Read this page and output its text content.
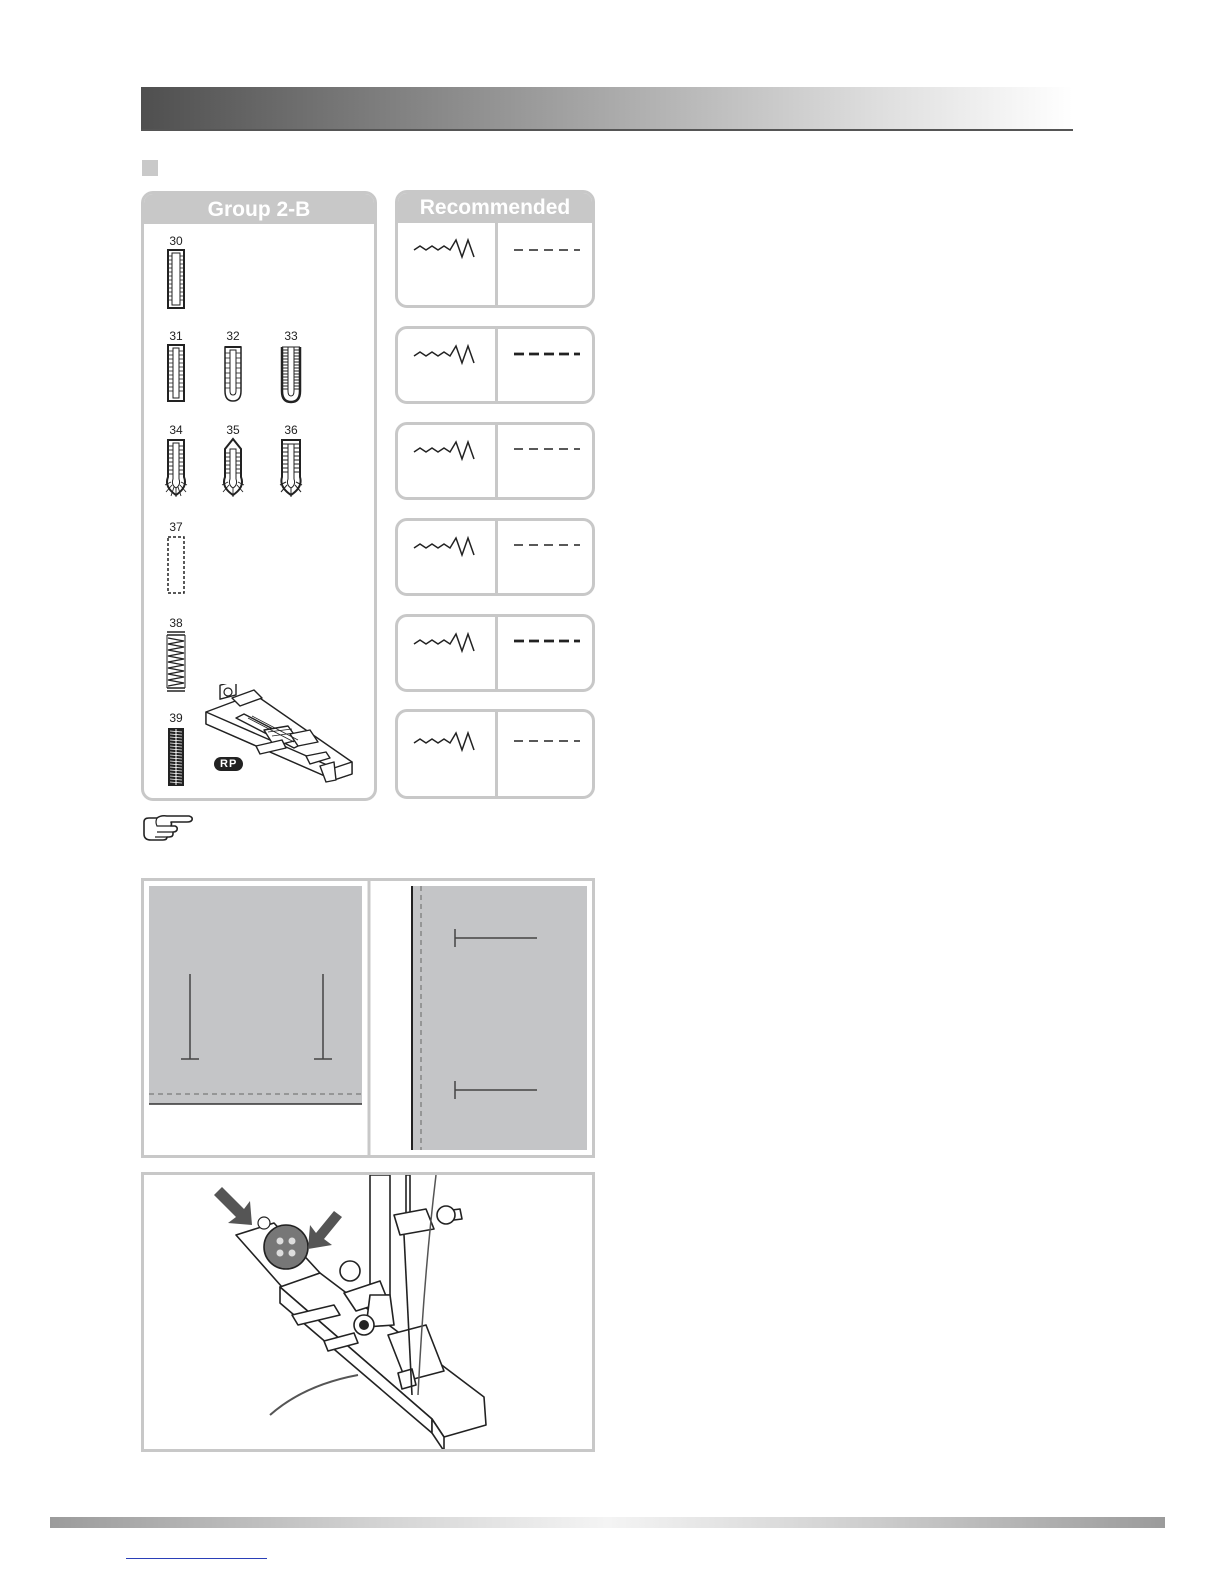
Group 2-B
30
31	32	33
34	35	36
37
38
39
RP
Recommended
